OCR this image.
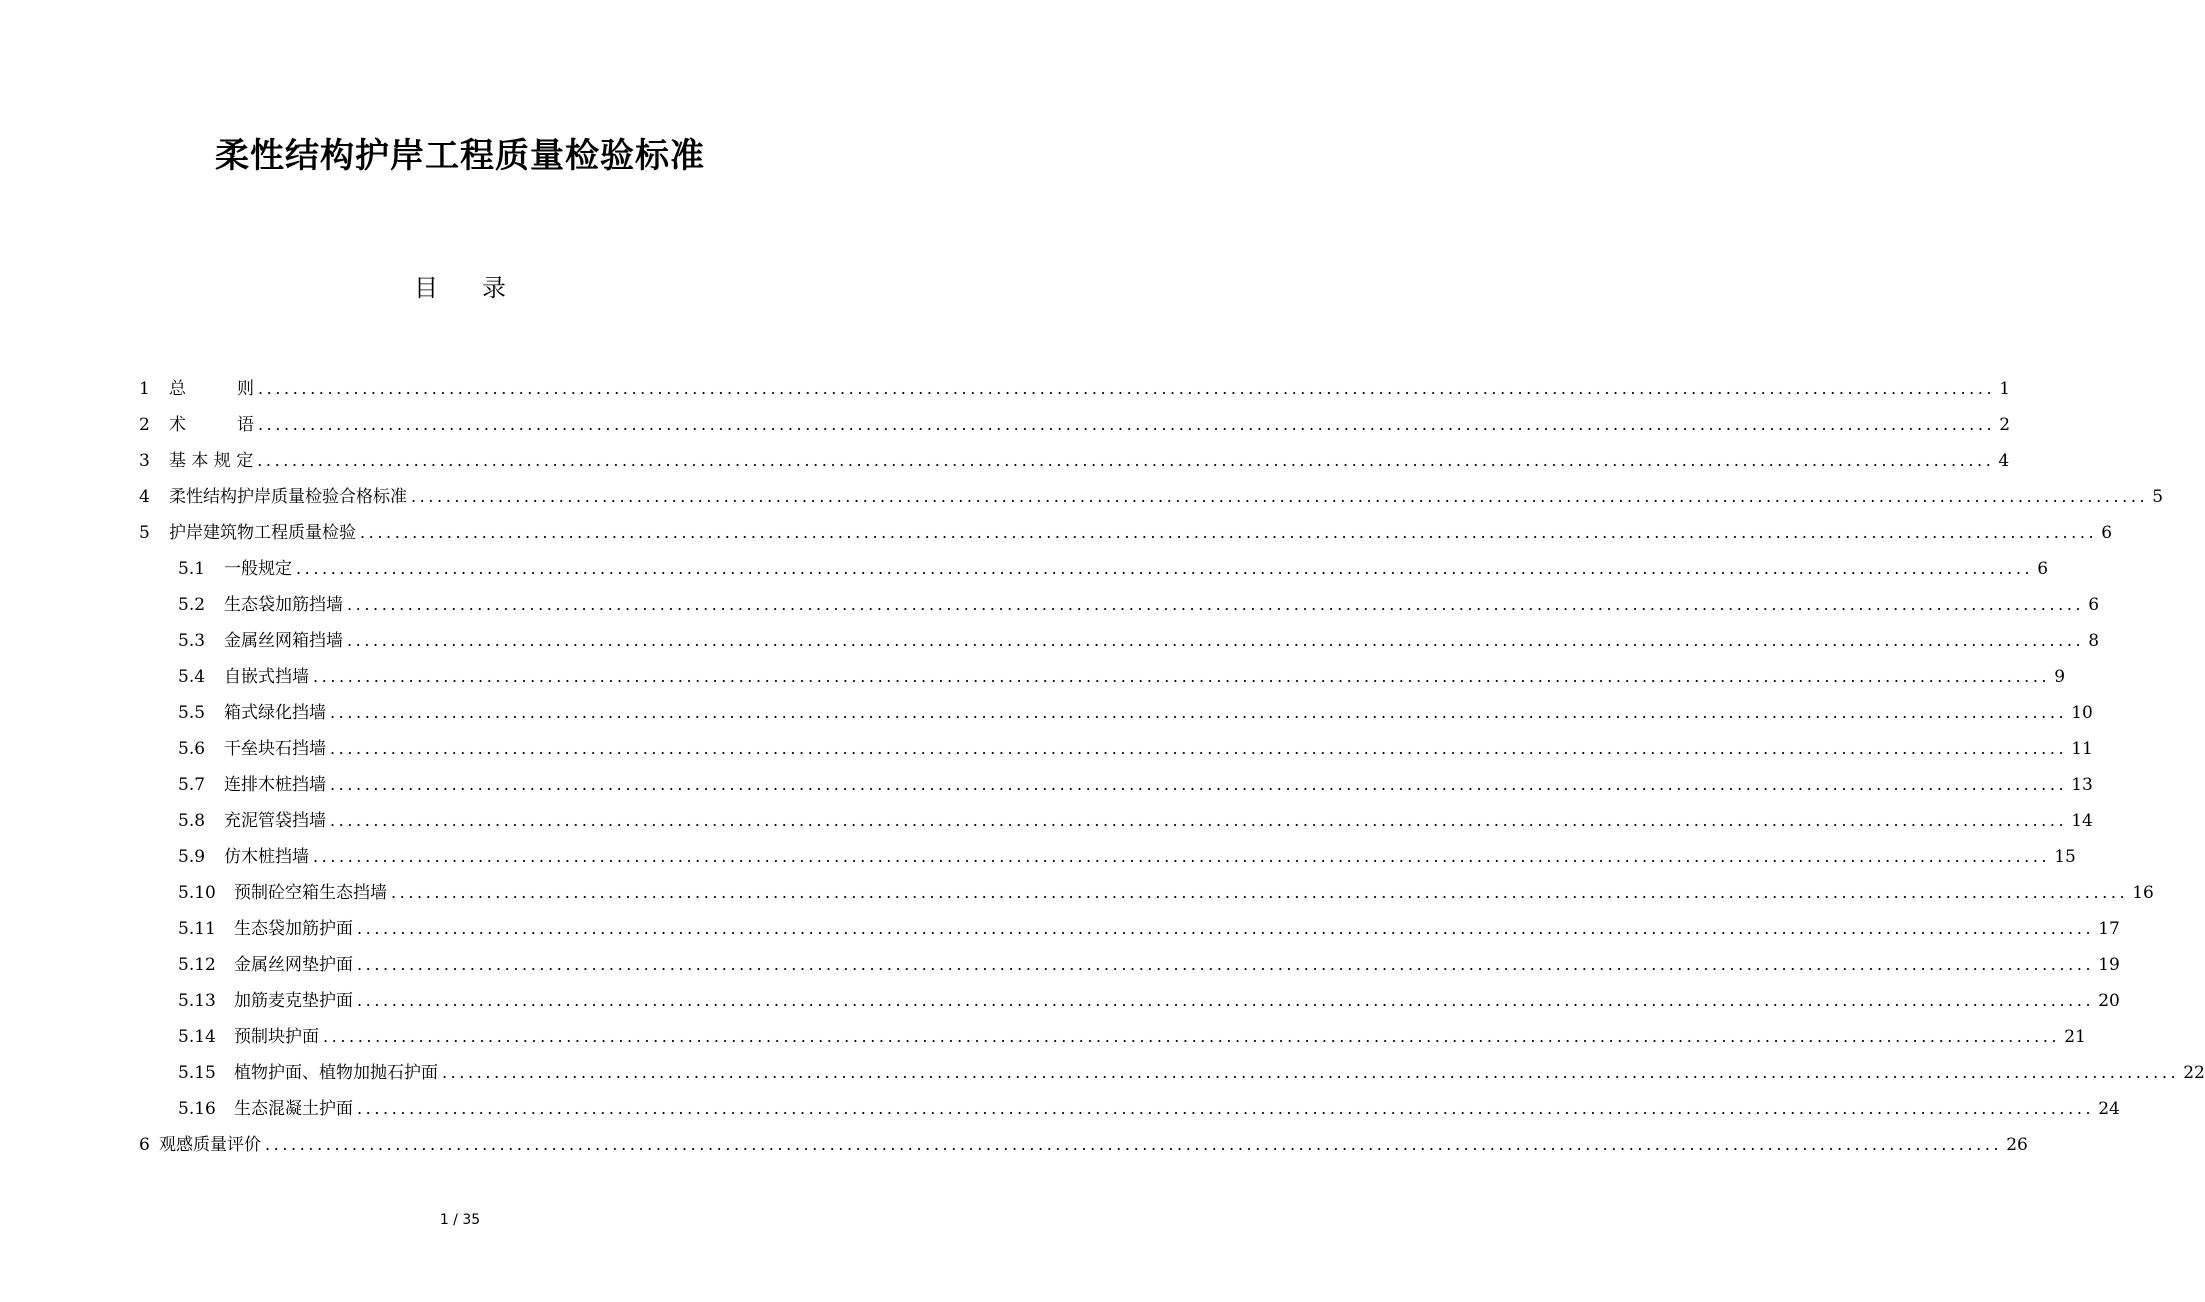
柔性结构护岸工程质量检验标准
目 录
1 总　　　则 ........................................................................................................................................................................................................ 1
2 术　　　语 ........................................................................................................................................................................................................ 2
3 基 本 规 定 ........................................................................................................................................................................................................ 4
4 柔性结构护岸质量检验合格标准 ........................................................................................................................................................................................................ 5
5 护岸建筑物工程质量检验 ........................................................................................................................................................................................................ 6
5.1 一般规定 ........................................................................................................................................................................................................ 6
5.2 生态袋加筋挡墙 ........................................................................................................................................................................................................ 6
5.3 金属丝网箱挡墙 ........................................................................................................................................................................................................ 8
5.4 自嵌式挡墙 ........................................................................................................................................................................................................ 9
5.5 箱式绿化挡墙 ........................................................................................................................................................................................................ 10
5.6 干垒块石挡墙 ........................................................................................................................................................................................................ 11
5.7 连排木桩挡墙 ........................................................................................................................................................................................................ 13
5.8 充泥管袋挡墙 ........................................................................................................................................................................................................ 14
5.9 仿木桩挡墙 ........................................................................................................................................................................................................ 15
5.10 预制砼空箱生态挡墙 ........................................................................................................................................................................................................ 16
5.11 生态袋加筋护面 ........................................................................................................................................................................................................ 17
5.12 金属丝网垫护面 ........................................................................................................................................................................................................ 19
5.13 加筋麦克垫护面 ........................................................................................................................................................................................................ 20
5.14 预制块护面 ........................................................................................................................................................................................................ 21
5.15 植物护面、植物加抛石护面 ........................................................................................................................................................................................................ 22
5.16 生态混凝土护面 ........................................................................................................................................................................................................ 24
6 观感质量评价 ........................................................................................................................................................................................................ 26
1 / 35
